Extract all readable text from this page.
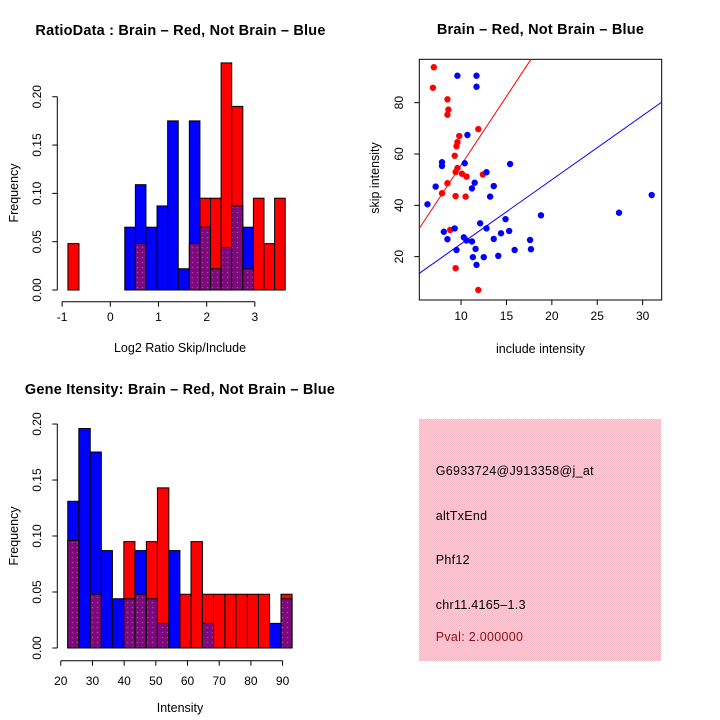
-1	0	1	2	3
0.00
0.05
0.10
0.15
0.20
10	15	20	25	30
20
40
60
80
20 30 40 50 60 70 80 90
0.00
0.05
0.10
0.15
0.20
RatioData : Brain – Red, Not Brain – Blue	Brain – Red, Not Brain – Blue
Gene Itensity: Brain – Red, Not Brain – Blue
Log2 Ratio Skip/Include
Frequency
include intensity
skip intensity
Intensity
Frequency
G6933724@J913358@j_at
altTxEnd
Phf12
chr11.4165–1.3
Pval: 2.000000
